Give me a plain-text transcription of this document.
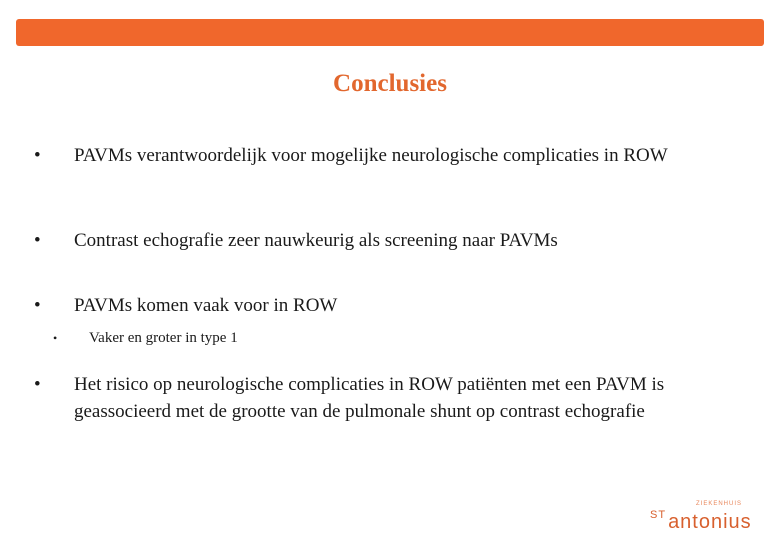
Conclusies
• PAVMs verantwoordelijk voor mogelijke neurologische complicaties in ROW
• Contrast echografie zeer nauwkeurig als screening naar PAVMs
• PAVMs komen vaak voor in ROW
• Vaker en groter in type 1
• Het risico op neurologische complicaties in ROW patiënten met een PAVM is geassocieerd met de grootte van de pulmonale shunt op contrast echografie
ZIEKENHUIS
$^{ST}$ antonius
